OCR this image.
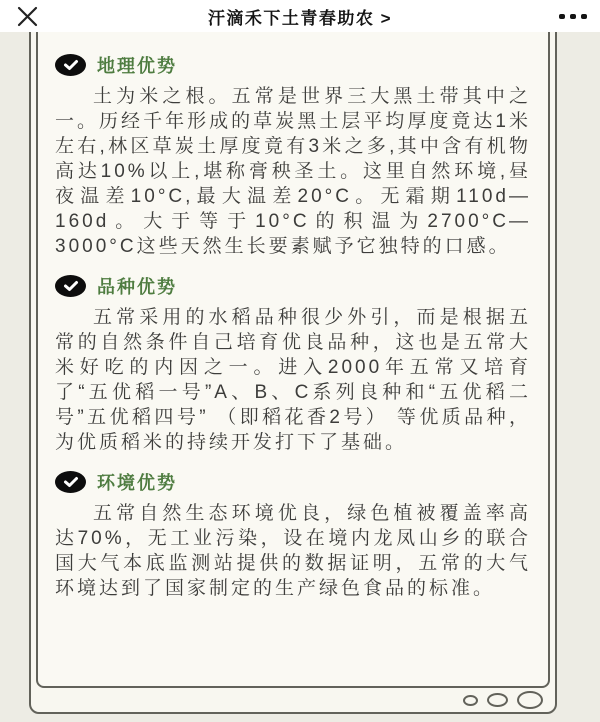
汗滴禾下土青春助农 >
地理优势

土为米之根。五常是世界三大黑土带其中之一。历经千年形成的草炭黑土层平均厚度竟达1米左右,林区草炭土厚度竟有3米之多,其中含有机物高达10%以上,堪称膏秧圣土。这里自然环境,昼夜温差10°C,最大温差20°C。无霜期110d—160d。大于等于10°C的积温为2700°C—3000°C这些天然生长要素赋予它独特的口感。

品种优势

五常采用的水稻品种很少外引，而是根据五常的自然条件自己培育优良品种，这也是五常大米好吃的内因之一。进入2000年五常又培育了“五优稻一号”A、B、C系列良种和“五优稻二号”五优稻四号” （即稻花香2号） 等优质品种，为优质稻米的持续开发打下了基础。

环境优势

五常自然生态环境优良，绿色植被覆盖率高达70%，无工业污染，设在境内龙凤山乡的联合国大气本底监测站提供的数据证明，五常的大气环境达到了国家制定的生产绿色食品的标准。
